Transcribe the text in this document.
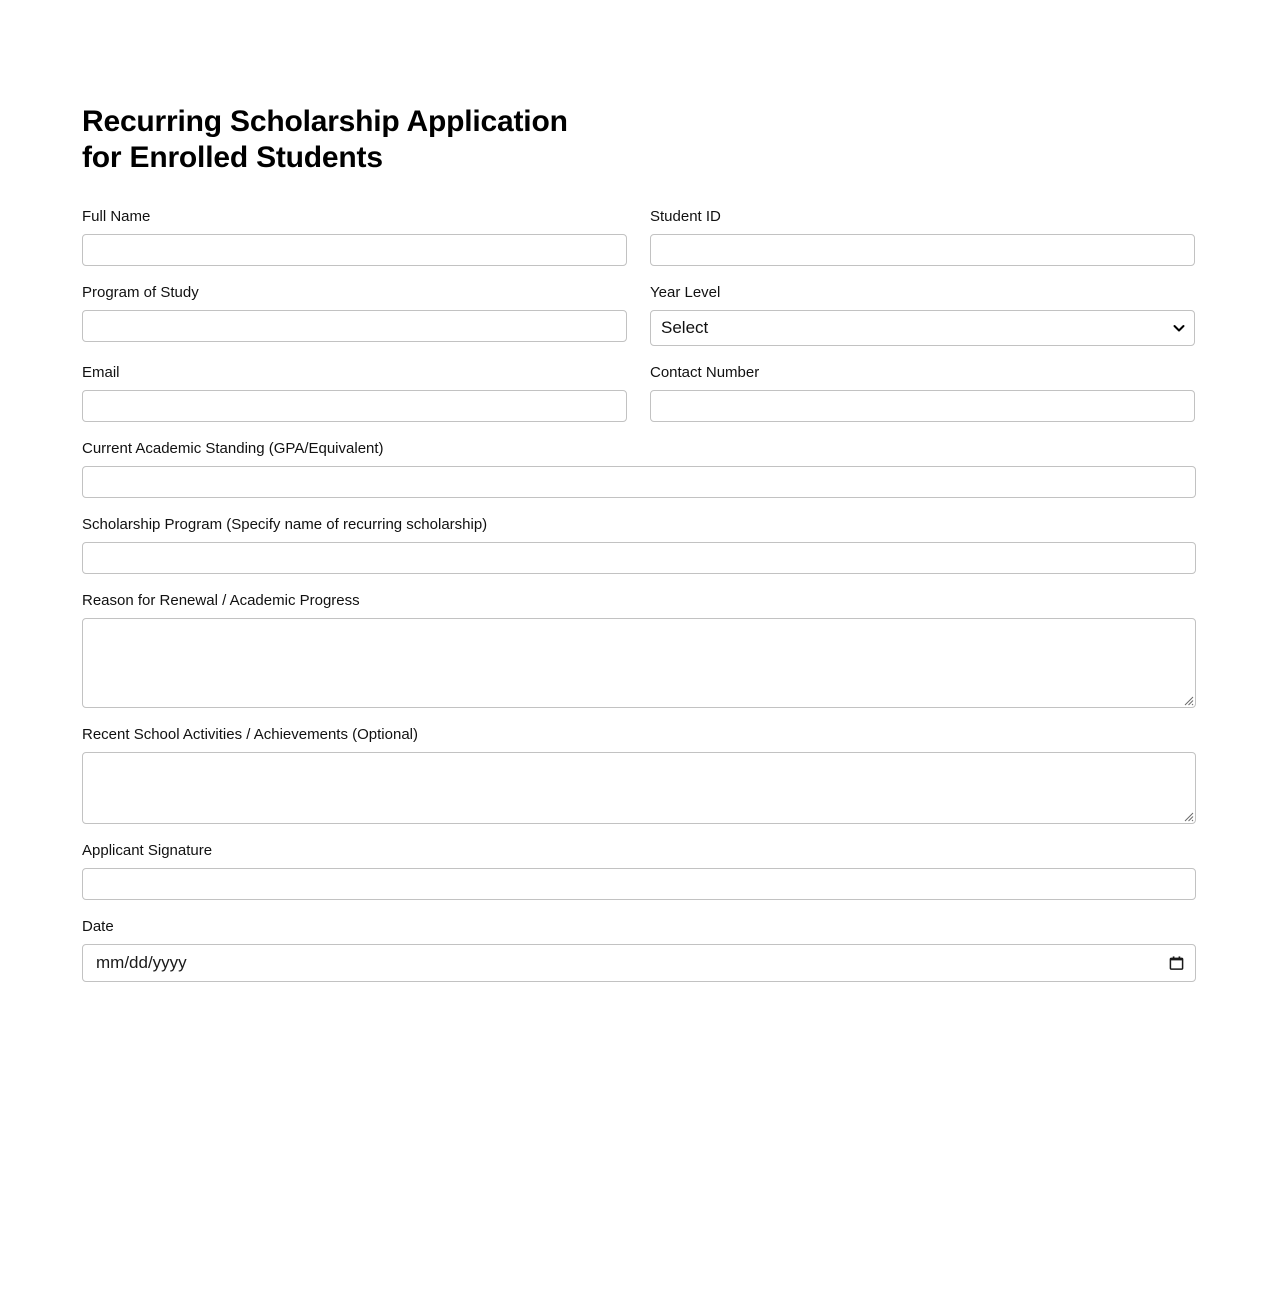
Recurring Scholarship Application
for Enrolled Students
Full Name	Student ID
Program of Study	Year Level
Select
Email	Contact Number
Current Academic Standing (GPA/Equivalent)
Scholarship Program (Specify name of recurring scholarship)
Reason for Renewal / Academic Progress
Recent School Activities / Achievements (Optional)
Applicant Signature
Date
mm/dd/yyyy
